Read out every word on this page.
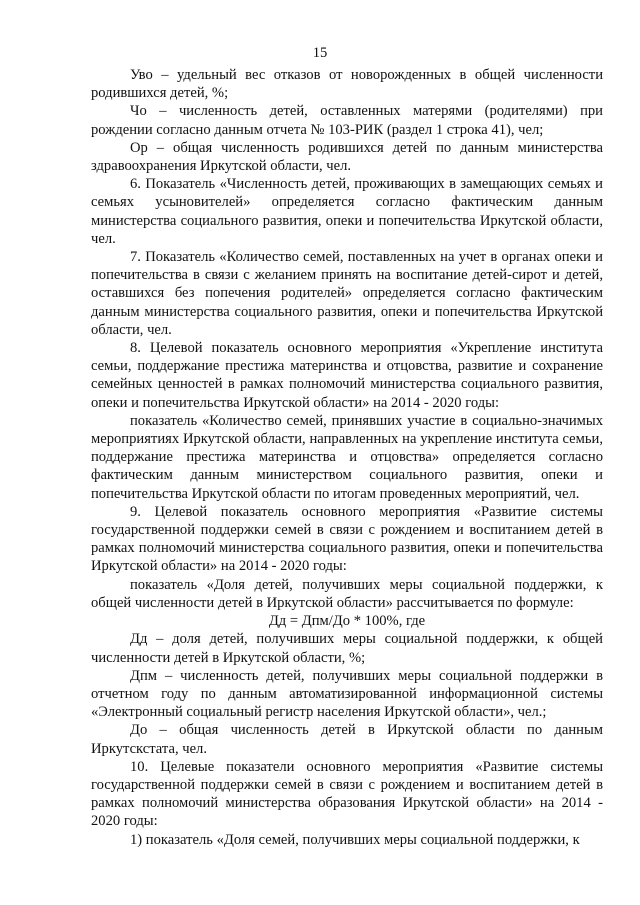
15

Уво – удельный вес отказов от новорожденных в общей численности родившихся детей, %;

Чо – численность детей, оставленных матерями (родителями) при рождении согласно данным отчета № 103-РИК (раздел 1 строка 41), чел;

Ор – общая численность родившихся детей по данным министерства здравоохранения Иркутской области, чел.

6. Показатель «Численность детей, проживающих в замещающих семьях и семьях усыновителей» определяется согласно фактическим данным министерства социального развития, опеки и попечительства Иркутской области, чел.

7. Показатель «Количество семей, поставленных на учет в органах опеки и попечительства в связи с желанием принять на воспитание детей-сирот и детей, оставшихся без попечения родителей» определяется согласно фактическим данным министерства социального развития, опеки и попечительства Иркутской области, чел.

8. Целевой показатель основного мероприятия «Укрепление института семьи, поддержание престижа материнства и отцовства, развитие и сохранение семейных ценностей в рамках полномочий министерства социального развития, опеки и попечительства Иркутской области» на 2014 - 2020 годы:

показатель «Количество семей, принявших участие в социально-значимых мероприятиях Иркутской области, направленных на укрепление института семьи, поддержание престижа материнства и отцовства» определяется согласно фактическим данным министерством социального развития, опеки и попечительства Иркутской области по итогам проведенных мероприятий, чел.

9. Целевой показатель основного мероприятия «Развитие системы государственной поддержки семей в связи с рождением и воспитанием детей в рамках полномочий министерства социального развития, опеки и попечительства Иркутской области» на 2014 - 2020 годы:

показатель «Доля детей, получивших меры социальной поддержки, к общей численности детей в Иркутской области» рассчитывается по формуле:

Дд = Дпм/До * 100%, где

Дд – доля детей, получивших меры социальной поддержки, к общей численности детей в Иркутской области, %;

Дпм – численность детей, получивших меры социальной поддержки в отчетном году по данным автоматизированной информационной системы «Электронный социальный регистр населения Иркутской области», чел.;

До – общая численность детей в Иркутской области по данным Иркутскстата, чел.

10. Целевые показатели основного мероприятия «Развитие системы государственной поддержки семей в связи с рождением и воспитанием детей в рамках полномочий министерства образования Иркутской области» на 2014 - 2020 годы:

1) показатель «Доля семей, получивших меры социальной поддержки, к
